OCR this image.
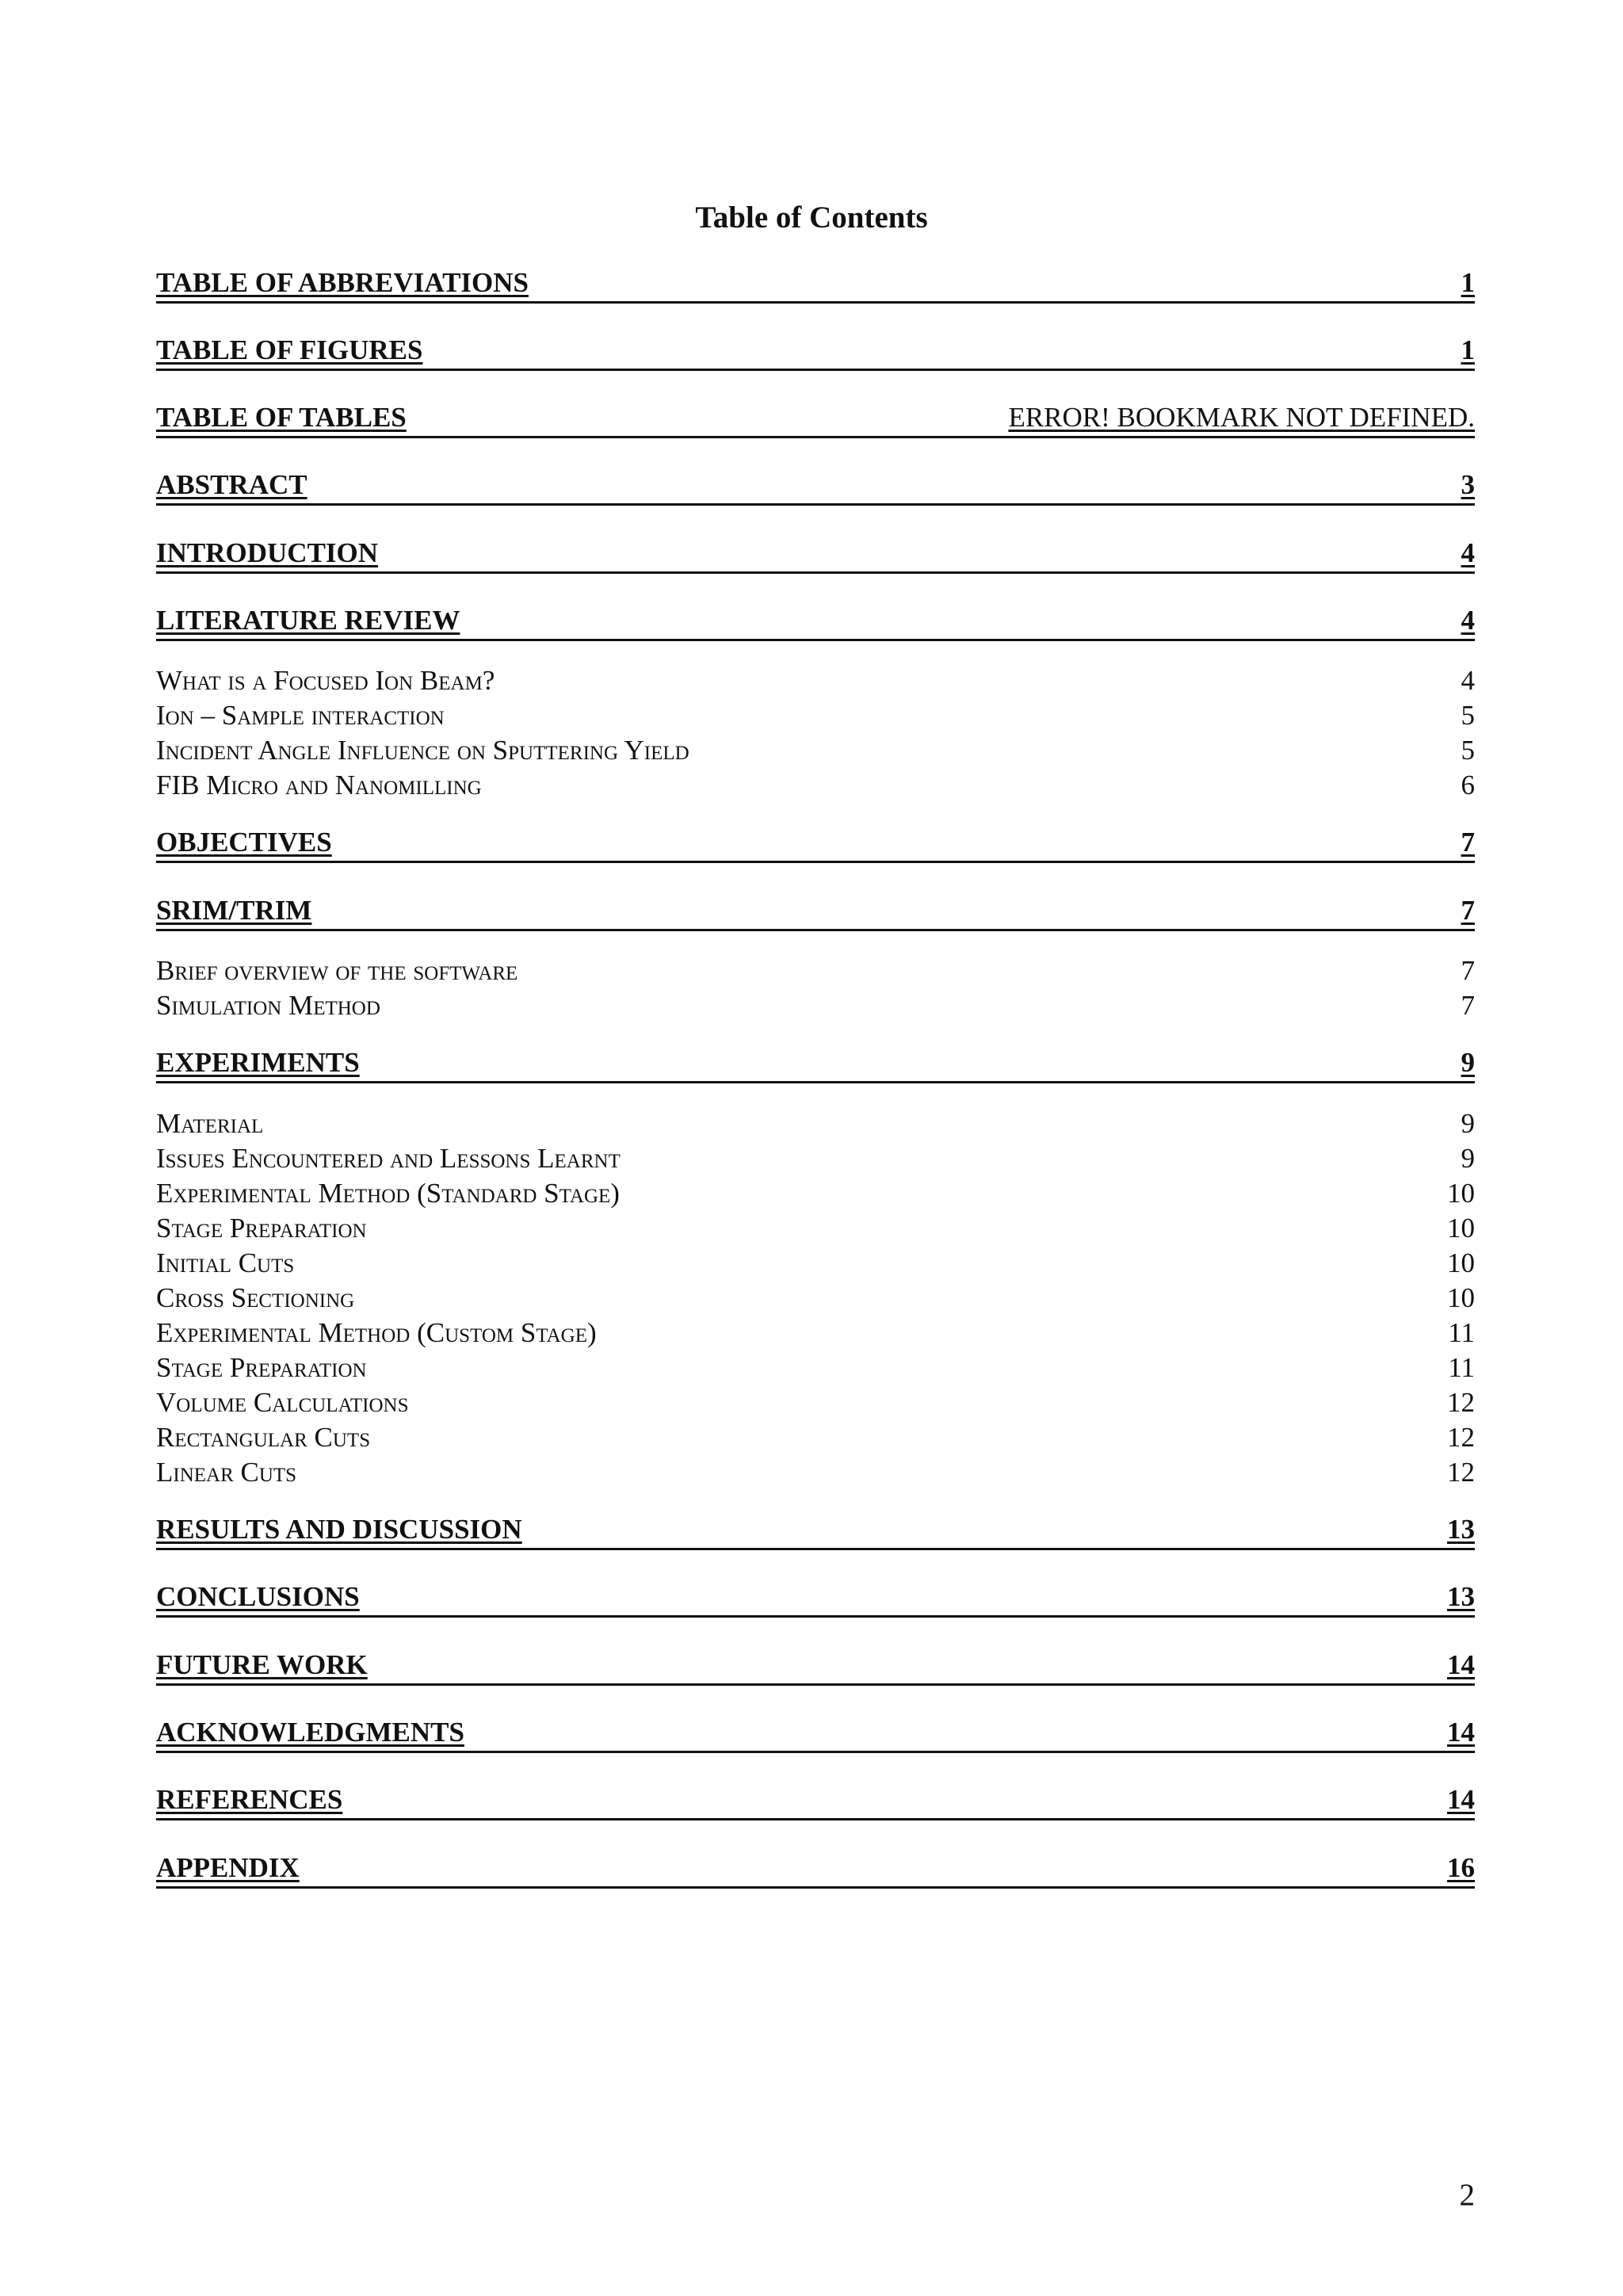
Table of Contents
TABLE OF ABBREVIATIONS	1
TABLE OF FIGURES	1
TABLE OF TABLES	ERROR! BOOKMARK NOT DEFINED.
ABSTRACT	3
INTRODUCTION	4
LITERATURE REVIEW	4
What is a Focused Ion Beam?	4
Ion – Sample interaction	5
Incident Angle Influence on Sputtering Yield	5
FIB Micro and Nanomilling	6
OBJECTIVES	7
SRIM/TRIM	7
Brief overview of the software	7
Simulation Method	7
EXPERIMENTS	9
Material	9
Issues Encountered and Lessons Learnt	9
Experimental Method (Standard Stage)	10
Stage Preparation	10
Initial Cuts	10
Cross Sectioning	10
Experimental Method (Custom Stage)	11
Stage Preparation	11
Volume Calculations	12
Rectangular Cuts	12
Linear Cuts	12
RESULTS AND DISCUSSION	13
CONCLUSIONS	13
FUTURE WORK	14
ACKNOWLEDGMENTS	14
REFERENCES	14
APPENDIX	16
2
